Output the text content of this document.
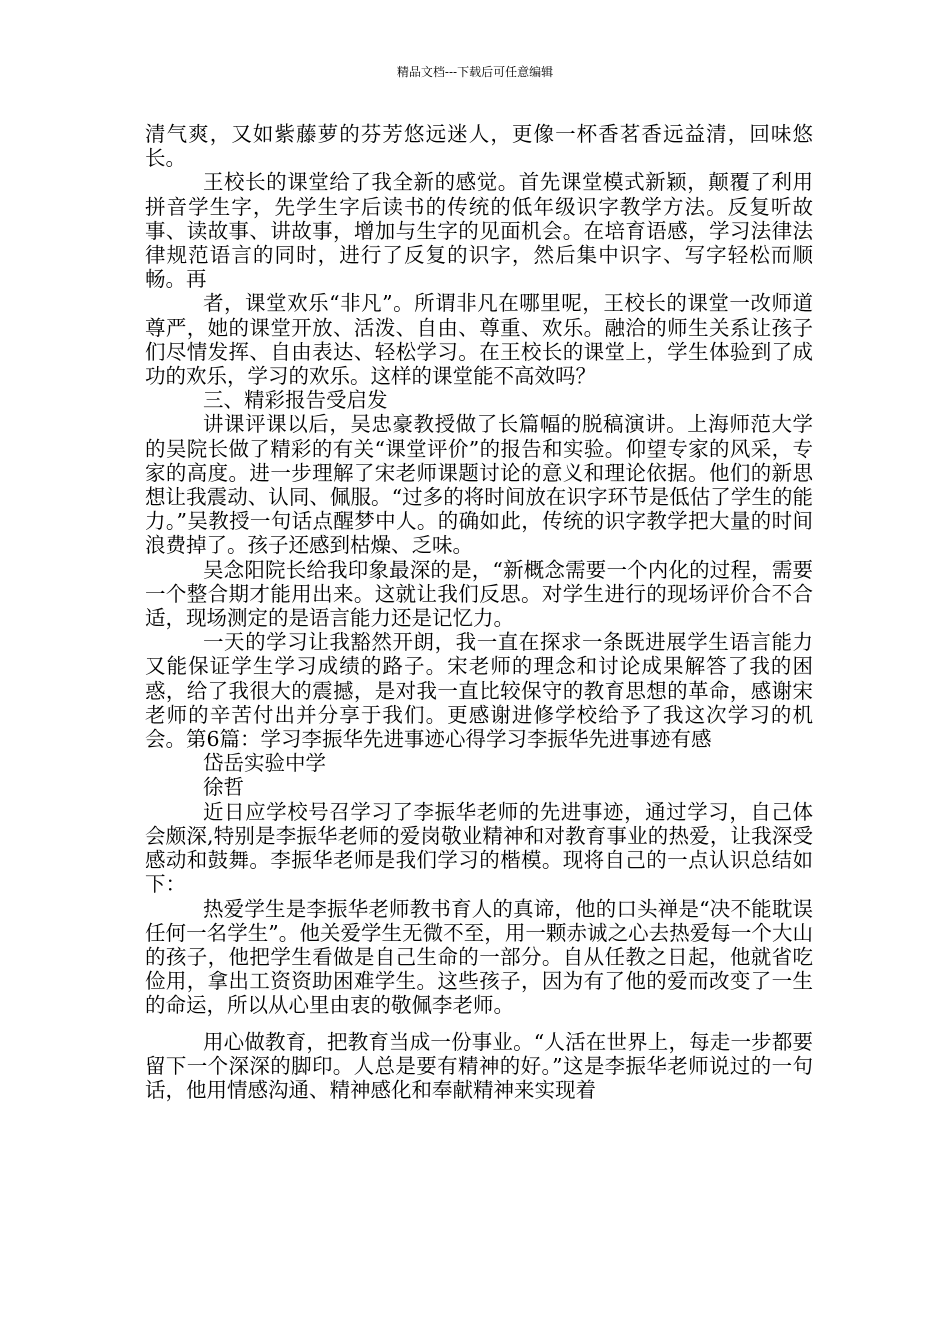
精品文档---下载后可任意编辑

清气爽，又如紫藤萝的芬芳悠远迷人，更像一杯香茗香远益清，回味悠长。

王校长的课堂给了我全新的感觉。首先课堂模式新颖，颠覆了利用拼音学生字，先学生字后读书的传统的低年级识字教学方法。反复听故事、读故事、讲故事，增加与生字的见面机会。在培育语感，学习法律法律规范语言的同时，进行了反复的识字，然后集中识字、写字轻松而顺畅。再

者，课堂欢乐“非凡”。所谓非凡在哪里呢，王校长的课堂一改师道尊严，她的课堂开放、活泼、自由、尊重、欢乐。融洽的师生关系让孩子们尽情发挥、自由表达、轻松学习。在王校长的课堂上，学生体验到了成功的欢乐，学习的欢乐。这样的课堂能不高效吗？

三、精彩报告受启发

讲课评课以后，吴忠豪教授做了长篇幅的脱稿演讲。上海师范大学的吴院长做了精彩的有关“课堂评价”的报告和实验。仰望专家的风采，专家的高度。进一步理解了宋老师课题讨论的意义和理论依据。他们的新思想让我震动、认同、佩服。“过多的将时间放在识字环节是低估了学生的能力。”吴教授一句话点醒梦中人。的确如此，传统的识字教学把大量的时间浪费掉了。孩子还感到枯燥、乏味。

吴念阳院长给我印象最深的是，“新概念需要一个内化的过程，需要一个整合期才能用出来。这就让我们反思。对学生进行的现场评价合不合适，现场测定的是语言能力还是记忆力。

一天的学习让我豁然开朗，我一直在探求一条既进展学生语言能力又能保证学生学习成绩的路子。宋老师的理念和讨论成果解答了我的困惑，给了我很大的震撼，是对我一直比较保守的教育思想的革命，感谢宋老师的辛苦付出并分享于我们。更感谢进修学校给予了我这次学习的机会。第6篇：学习李振华先进事迹心得学习李振华先进事迹有感

岱岳实验中学

徐哲

近日应学校号召学习了李振华老师的先进事迹，通过学习，自己体会颇深,特别是李振华老师的爱岗敬业精神和对教育事业的热爱，让我深受感动和鼓舞。李振华老师是我们学习的楷模。现将自己的一点认识总结如下：

热爱学生是李振华老师教书育人的真谛，他的口头禅是“决不能耽误任何一名学生”。他关爱学生无微不至，用一颗赤诚之心去热爱每一个大山的孩子，他把学生看做是自己生命的一部分。自从任教之日起，他就省吃俭用，拿出工资资助困难学生。这些孩子，因为有了他的爱而改变了一生的命运，所以从心里由衷的敬佩李老师。

用心做教育，把教育当成一份事业。“人活在世界上，每走一步都要留下一个深深的脚印。人总是要有精神的好。”这是李振华老师说过的一句话，他用情感沟通、精神感化和奉献精神来实现着
